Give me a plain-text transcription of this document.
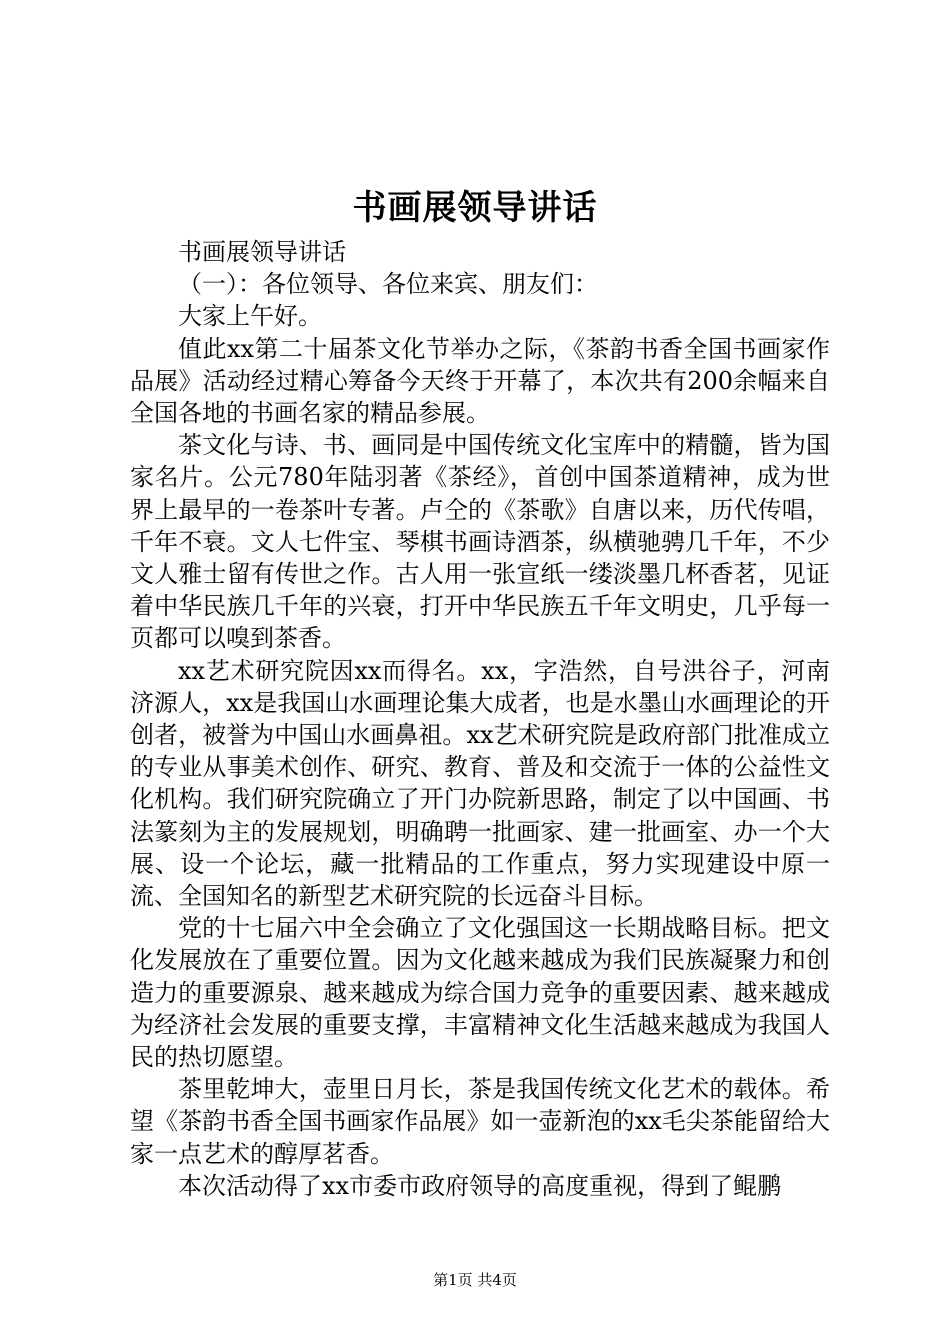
书画展领导讲话

书画展领导讲话

（一）：各位领导、各位来宾、朋友们：

大家上午好。

值此xx第二十届茶文化节举办之际，《茶韵书香全国书画家作品展》活动经过精心筹备今天终于开幕了，本次共有200余幅来自全国各地的书画名家的精品参展。

茶文化与诗、书、画同是中国传统文化宝库中的精髓，皆为国家名片。公元780年陆羽著《茶经》，首创中国茶道精神，成为世界上最早的一卷茶叶专著。卢仝的《茶歌》自唐以来，历代传唱，千年不衰。文人七件宝、琴棋书画诗酒茶，纵横驰骋几千年，不少文人雅士留有传世之作。古人用一张宣纸一缕淡墨几杯香茗，见证着中华民族几千年的兴衰，打开中华民族五千年文明史，几乎每一页都可以嗅到茶香。

xx艺术研究院因xx而得名。xx，字浩然，自号洪谷子，河南济源人，xx是我国山水画理论集大成者，也是水墨山水画理论的开创者，被誉为中国山水画鼻祖。xx艺术研究院是政府部门批准成立的专业从事美术创作、研究、教育、普及和交流于一体的公益性文化机构。我们研究院确立了开门办院新思路，制定了以中国画、书法篆刻为主的发展规划，明确聘一批画家、建一批画室、办一个大展、设一个论坛，藏一批精品的工作重点，努力实现建设中原一流、全国知名的新型艺术研究院的长远奋斗目标。

党的十七届六中全会确立了文化强国这一长期战略目标。把文化发展放在了重要位置。因为文化越来越成为我们民族凝聚力和创造力的重要源泉、越来越成为综合国力竞争的重要因素、越来越成为经济社会发展的重要支撑，丰富精神文化生活越来越成为我国人民的热切愿望。

茶里乾坤大，壶里日月长，茶是我国传统文化艺术的载体。希望《茶韵书香全国书画家作品展》如一壶新泡的xx毛尖茶能留给大家一点艺术的醇厚茗香。

本次活动得了xx市委市政府领导的高度重视，得到了鲲鹏

第1页 共4页
